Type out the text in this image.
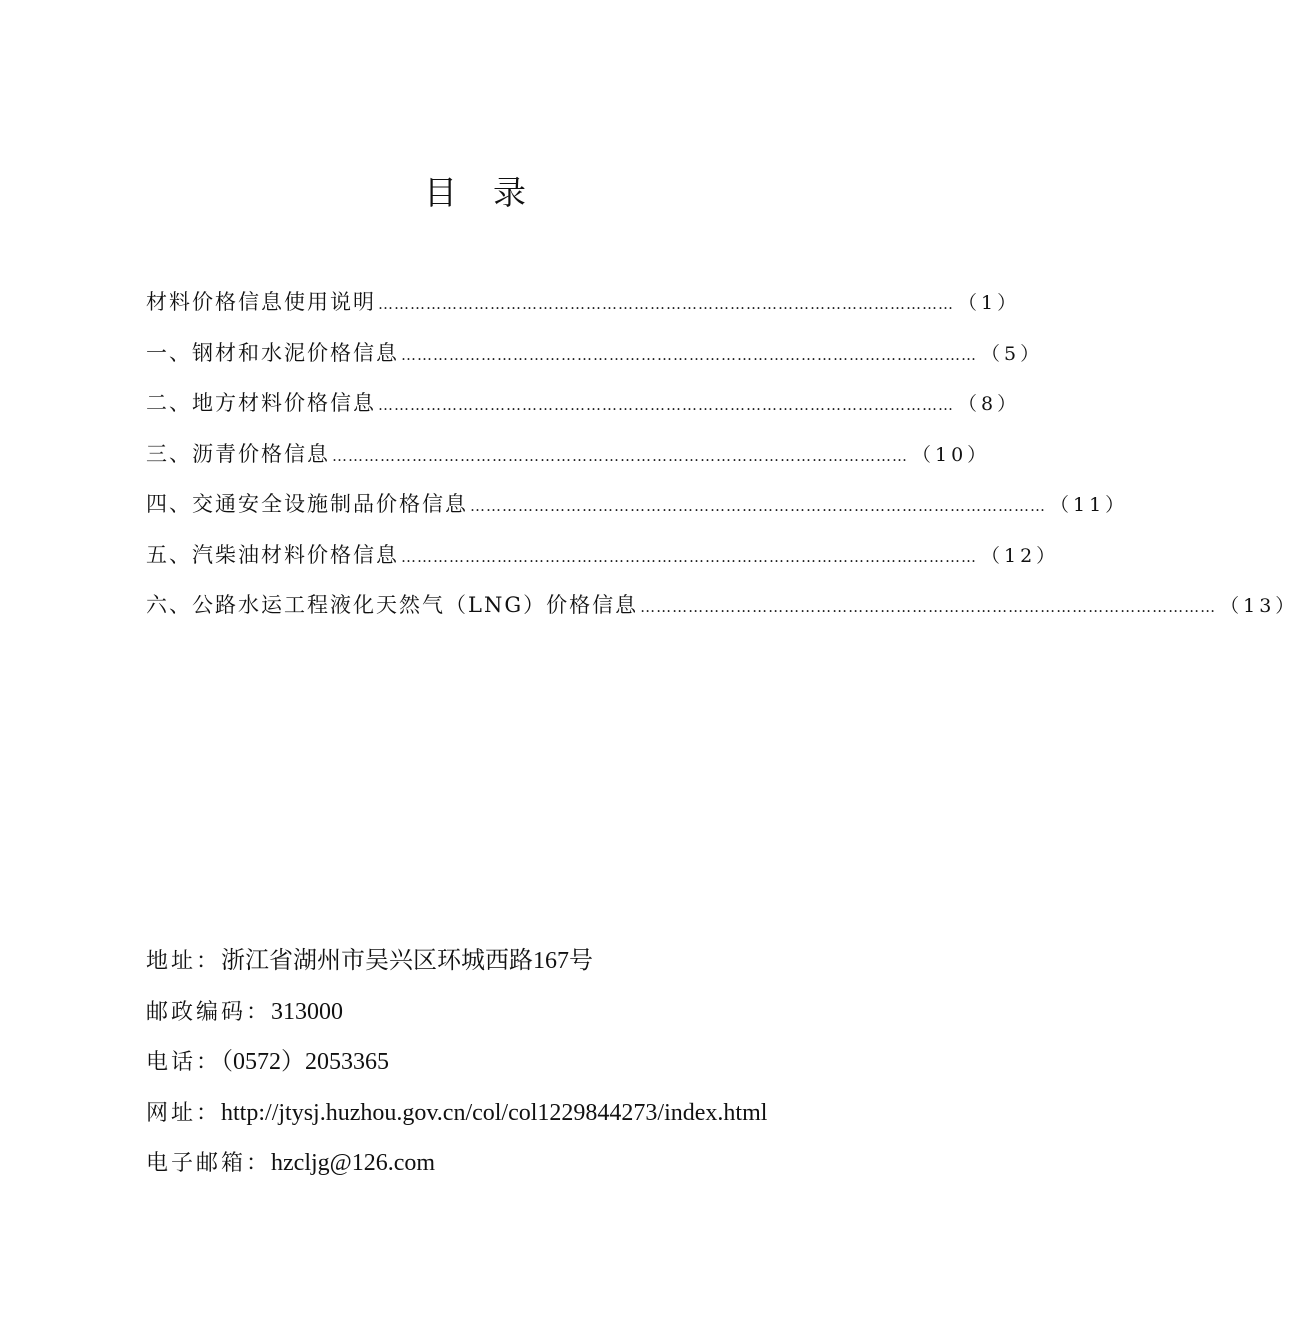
目录
材料价格信息使用说明 ……………………………………………………………………………………………… （1）
一、钢材和水泥价格信息 ……………………………………………………………………………………………… （5）
二、地方材料价格信息 ……………………………………………………………………………………………… （8）
三、沥青价格信息 ……………………………………………………………………………………………… （10）
四、交通安全设施制品价格信息 ……………………………………………………………………………………………… （11）
五、汽柴油材料价格信息 ……………………………………………………………………………………………… （12）
六、公路水运工程液化天然气（LNG）价格信息 ……………………………………………………………………………………………… （13）
地址：浙江省湖州市吴兴区环城西路167号
邮政编码：313000
电话：（0572）2053365
网址：http://jtysj.huzhou.gov.cn/col/col1229844273/index.html
电子邮箱：hzcljg@126.com
